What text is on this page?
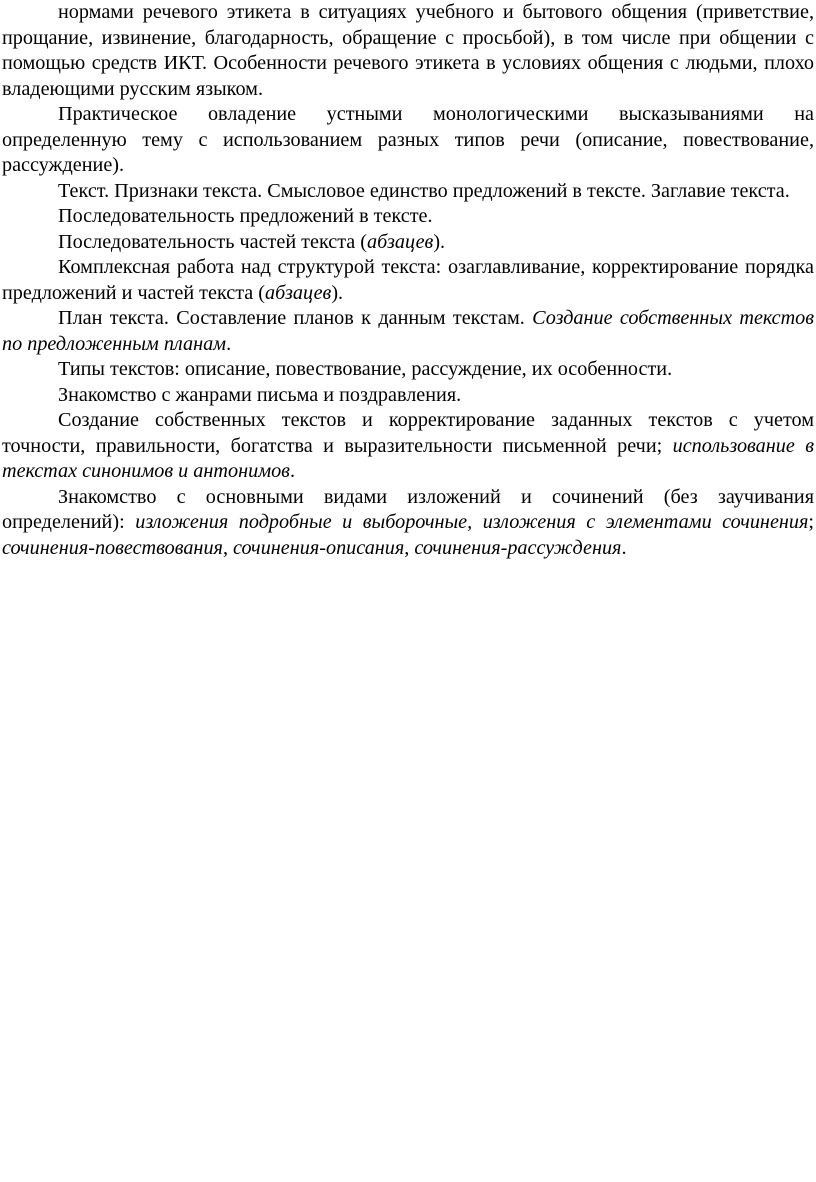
нормами речевого этикета в ситуациях учебного и бытового общения (приветствие, прощание, извинение, благодарность, обращение с просьбой), в том числе при общении с помощью средств ИКТ. Особенности речевого этикета в условиях общения с людьми, плохо владеющими русским языком.

Практическое овладение устными монологическими высказываниями на определенную тему с использованием разных типов речи (описание, повествование, рассуждение).

Текст. Признаки текста. Смысловое единство предложений в тексте. Заглавие текста.

Последовательность предложений в тексте.

Последовательность частей текста (абзацев).

Комплексная работа над структурой текста: озаглавливание, корректирование порядка предложений и частей текста (абзацев).

План текста. Составление планов к данным текстам. Создание собственных текстов по предложенным планам.

Типы текстов: описание, повествование, рассуждение, их особенности.

Знакомство с жанрами письма и поздравления.

Создание собственных текстов и корректирование заданных текстов с учетом точности, правильности, богатства и выразительности письменной речи; использование в текстах синонимов и антонимов.

Знакомство с основными видами изложений и сочинений (без заучивания определений): изложения подробные и выборочные, изложения с элементами сочинения; сочинения-повествования, сочинения-описания, сочинения-рассуждения.
